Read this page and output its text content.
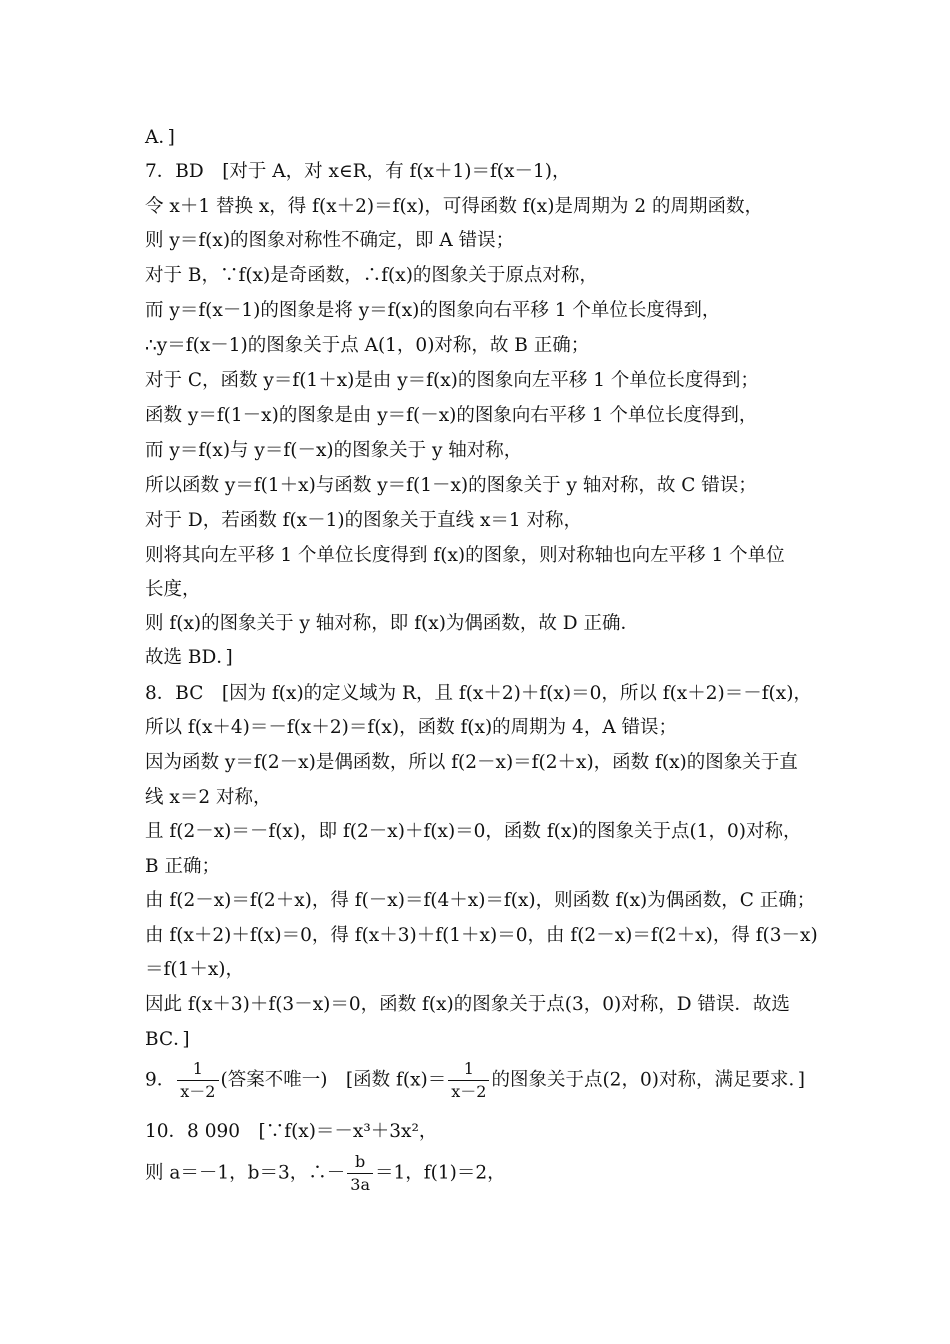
A．]
7．BD　[对于 A，对 x∈R，有 f(x＋1)＝f(x－1)，
令 x＋1 替换 x，得 f(x＋2)＝f(x)，可得函数 f(x)是周期为 2 的周期函数，
则 y＝f(x)的图象对称性不确定，即 A 错误；
对于 B，∵f(x)是奇函数，∴f(x)的图象关于原点对称，
而 y＝f(x－1)的图象是将 y＝f(x)的图象向右平移 1 个单位长度得到，
∴y＝f(x－1)的图象关于点 A(1，0)对称，故 B 正确；
对于 C，函数 y＝f(1＋x)是由 y＝f(x)的图象向左平移 1 个单位长度得到；
函数 y＝f(1－x)的图象是由 y＝f(－x)的图象向右平移 1 个单位长度得到，
而 y＝f(x)与 y＝f(－x)的图象关于 y 轴对称，
所以函数 y＝f(1＋x)与函数 y＝f(1－x)的图象关于 y 轴对称，故 C 错误；
对于 D，若函数 f(x－1)的图象关于直线 x＝1 对称，
则将其向左平移 1 个单位长度得到 f(x)的图象，则对称轴也向左平移 1 个单位
长度，
则 f(x)的图象关于 y 轴对称，即 f(x)为偶函数，故 D 正确．
故选 BD．]
8．BC　[因为 f(x)的定义域为 R，且 f(x＋2)＋f(x)＝0，所以 f(x＋2)＝－f(x)，
所以 f(x＋4)＝－f(x＋2)＝f(x)，函数 f(x)的周期为 4，A 错误；
因为函数 y＝f(2－x)是偶函数，所以 f(2－x)＝f(2＋x)，函数 f(x)的图象关于直
线 x＝2 对称，
且 f(2－x)＝－f(x)，即 f(2－x)＋f(x)＝0，函数 f(x)的图象关于点(1，0)对称，
B 正确；
由 f(2－x)＝f(2＋x)，得 f(－x)＝f(4＋x)＝f(x)，则函数 f(x)为偶函数，C 正确；
由 f(x＋2)＋f(x)＝0，得 f(x＋3)＋f(1＋x)＝0，由 f(2－x)＝f(2＋x)，得 f(3－x)
＝f(1＋x)，
因此 f(x＋3)＋f(3－x)＝0，函数 f(x)的图象关于点(3，0)对称，D 错误．故选
BC．]
9． $\frac{1}{x-2}$ (答案不唯一)　[函数 $f(x)= \frac{1}{x-2}$ 的图象关于点(2，0)对称，满足要求．]
10．8 090　[∵f(x)＝－x³＋3x²，
则 a＝－1，b＝3，∴－ $\frac{b}{3a} =1$，f(1)＝2，
